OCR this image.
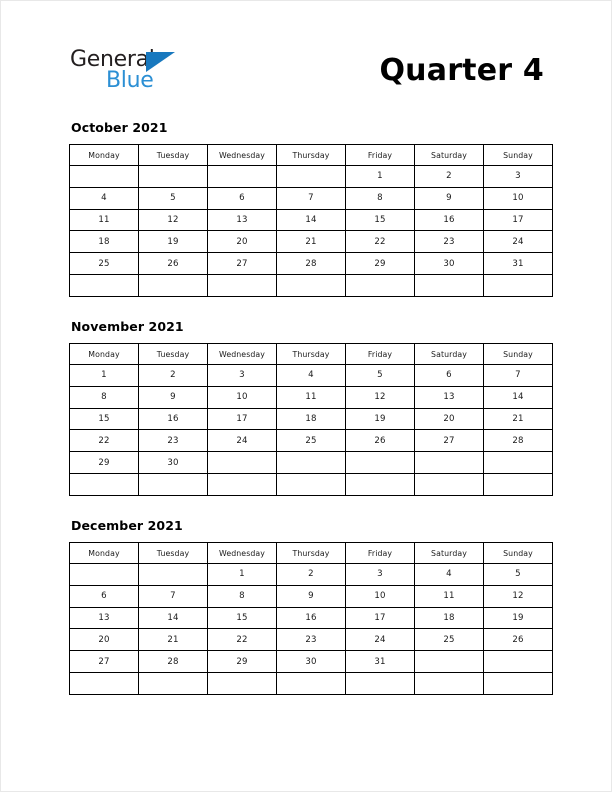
General
Blue	Quarter 4
October 2021
Monday	Tuesday	Wednesday	Thursday	Friday	Saturday	Sunday
				1	2	3
4	5	6	7	8	9	10
11	12	13	14	15	16	17
18	19	20	21	22	23	24
25	26	27	28	29	30	31

November 2021
Monday	Tuesday	Wednesday	Thursday	Friday	Saturday	Sunday
1	2	3	4	5	6	7
8	9	10	11	12	13	14
15	16	17	18	19	20	21
22	23	24	25	26	27	28
29	30					

December 2021
Monday	Tuesday	Wednesday	Thursday	Friday	Saturday	Sunday
		1	2	3	4	5
6	7	8	9	10	11	12
13	14	15	16	17	18	19
20	21	22	23	24	25	26
27	28	29	30	31		
